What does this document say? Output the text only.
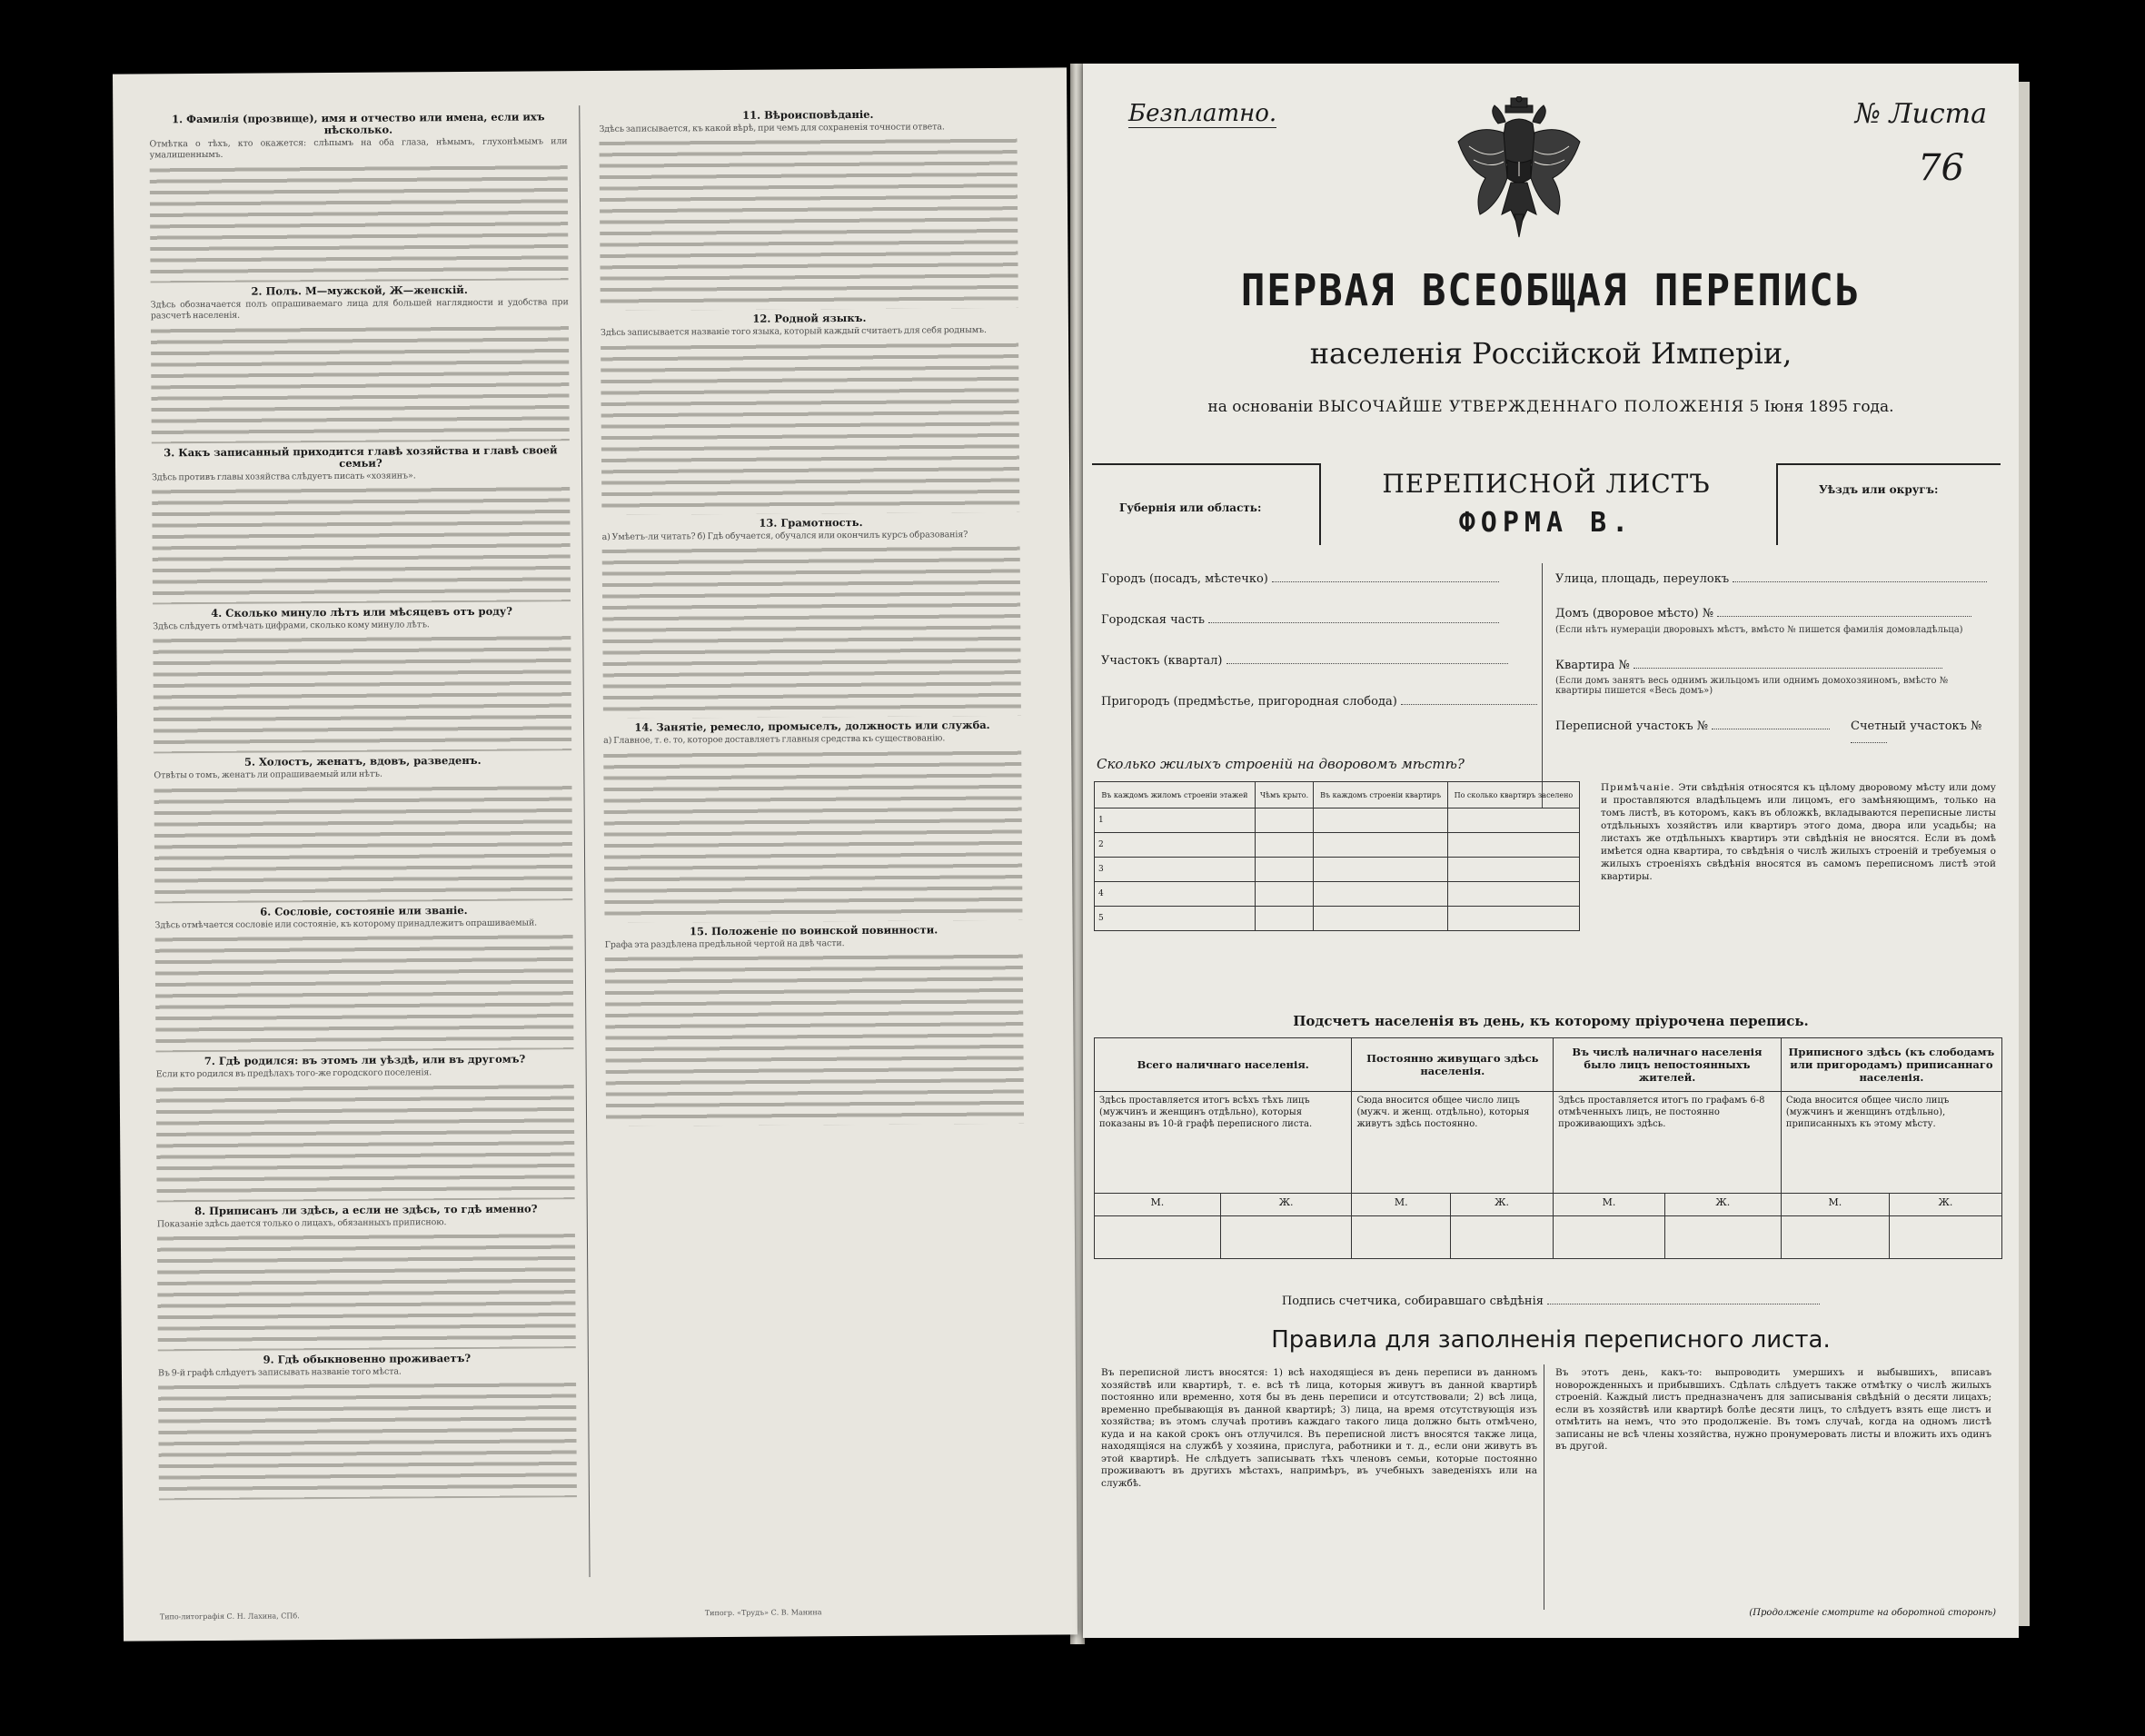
1. Фамилія (прозвище), имя и отчество или имена, если ихъ нѣсколько.
Отмѣтка о тѣхъ, кто окажется: слѣпымъ на оба глаза, нѣмымъ, глухонѣмымъ или умалишеннымъ.
2. Полъ. М—мужской, Ж—женскій.
Здѣсь обозначается полъ опрашиваемаго лица для большей наглядности и удобства при разсчетѣ населенія.
3. Какъ записанный приходится главѣ хозяйства и главѣ своей семьи?
Здѣсь противъ главы хозяйства слѣдуетъ писать «хозяинъ».
4. Сколько минуло лѣтъ или мѣсяцевъ отъ роду?
Здѣсь слѣдуетъ отмѣчать цифрами, сколько кому минуло лѣтъ.
5. Холостъ, женатъ, вдовъ, разведенъ.
Отвѣты о томъ, женатъ ли опрашиваемый или нѣтъ.
6. Сословіе, состояніе или званіе.
Здѣсь отмѣчается сословіе или состояніе, къ которому принадлежитъ опрашиваемый.
7. Гдѣ родился: въ этомъ ли уѣздѣ, или въ другомъ?
Если кто родился въ предѣлахъ того-же городского поселенія.
8. Приписанъ ли здѣсь, а если не здѣсь, то гдѣ именно?
Показаніе здѣсь дается только о лицахъ, обязанныхъ приписною.
9. Гдѣ обыкновенно проживаетъ?
Въ 9-й графѣ слѣдуетъ записывать названіе того мѣста.
11. Вѣроисповѣданіе.
Здѣсь записывается, къ какой вѣрѣ, при чемъ для сохраненія точности ответа.
12. Родной языкъ.
Здѣсь записывается названіе того языка, который каждый считаетъ для себя роднымъ.
13. Грамотность.
а) Умѣетъ-ли читать? б) Гдѣ обучается, обучался или окончилъ курсъ образованія?
14. Занятіе, ремесло, промыселъ, должность или служба.
а) Главное, т. е. то, которое доставляетъ главныя средства къ существованію.
15. Положеніе по воинской повинности.
Графа эта раздѣлена предѣльной чертой на двѣ части.
Типо-литографія С. Н. Лахина, СПб.	Типогр. «Трудъ» С. В. Манина
Безплатно.	№ Листа
76
ПЕРВАЯ ВСЕОБЩАЯ ПЕРЕПИСЬ
населенія Россійской Имперіи,
на основаніи ВЫСОЧАЙШЕ УТВЕРЖДЕННАГО ПОЛОЖЕНІЯ 5 Іюня 1895 года.
Губернія или область:
ПЕРЕПИСНОЙ ЛИСТЪ
ФОРМА В.
Уѣздъ или округъ:
Городъ (посадъ, мѣстечко)
Городская часть
Участокъ (квартал)
Пригородъ (предмѣстье, пригородная слобода)
Улица, площадь, переулокъ
Домъ (дворовое мѣсто) №
(Если нѣтъ нумераціи дворовыхъ мѣстъ, вмѣсто № пишется фамилія домовладѣльца)
Квартира №
(Если домъ занятъ весь однимъ жильцомъ или однимъ домохозяиномъ, вмѣсто № квартиры пишется «Весь домъ»)
Переписной участокъ №	Счетный участокъ №
Сколько жилыхъ строеній на дворовомъ мѣстѣ?
Въ каждомъ жиломъ строеніи этажей	Чѣмъ крыто.	Въ каждомъ строеніи квартиръ	По сколько квартиръ заселено
1			
2			
3			
4			
5			
Примѣчаніе. Эти свѣдѣнія относятся къ цѣлому дворовому мѣсту или дому и проставляются владѣльцемъ или лицомъ, его замѣняющимъ, только на томъ листѣ, въ которомъ, какъ въ обложкѣ, вкладываются переписные листы отдѣльныхъ хозяйствъ или квартиръ этого дома, двора или усадьбы; на листахъ же отдѣльныхъ квартиръ эти свѣдѣнія не вносятся. Если въ домѣ имѣется одна квартира, то свѣдѣнія о числѣ жилыхъ строеній и требуемыя о жилыхъ строеніяхъ свѣдѣнія вносятся въ самомъ переписномъ листѣ этой квартиры.
Подсчетъ населенія въ день, къ которому пріурочена перепись.
Всего наличнаго населенія.		Постоянно живущаго здѣсь населенія.		Въ числѣ наличнаго населенія было лицъ непостоянныхъ жителей.		Приписного здѣсь (къ слободамъ или пригородамъ) приписаннаго населенія.	
Здѣсь проставляется итогъ всѣхъ тѣхъ лицъ (мужчинъ и женщинъ отдѣльно), которыя показаны въ 10-й графѣ переписного листа.		Сюда вносится общее число лицъ (мужч. и женщ. отдѣльно), которыя живутъ здѣсь постоянно.		Здѣсь проставляется итогъ по графамъ 6-8 отмѣченныхъ лицъ, не постоянно проживающихъ здѣсь.		Сюда вносится общее число лицъ (мужчинъ и женщинъ отдѣльно), приписанныхъ къ этому мѣсту.	
М.	Ж.	М.	Ж.	М.	Ж.	М.	Ж.

Подпись счетчика, собиравшаго свѣдѣнія
Правила для заполненія переписного листа.
Въ переписной листъ вносятся: 1) всѣ находящіеся въ день переписи въ данномъ хозяйствѣ или квартирѣ, т. е. всѣ тѣ лица, которыя живутъ въ данной квартирѣ постоянно или временно, хотя бы въ день переписи и отсутствовали; 2) всѣ лица, временно пребывающія въ данной квартирѣ; 3) лица, на время отсутствующія изъ хозяйства; въ этомъ случаѣ противъ каждаго такого лица должно быть отмѣчено, куда и на какой срокъ онъ отлучился. Въ переписной листъ вносятся также лица, находящіяся на службѣ у хозяина, прислуга, работники и т. д., если они живутъ въ этой квартирѣ. Не слѣдуетъ записывать тѣхъ членовъ семьи, которые постоянно проживаютъ въ другихъ мѣстахъ, напримѣръ, въ учебныхъ заведеніяхъ или на службѣ.
Въ этотъ день, какъ-то: выпроводить умершихъ и выбывшихъ, вписавъ новорожденныхъ и прибывшихъ. Сдѣлать слѣдуетъ также отмѣтку о числѣ жилыхъ строеній. Каждый листъ предназначенъ для записыванія свѣдѣній о десяти лицахъ; если въ хозяйствѣ или квартирѣ болѣе десяти лицъ, то слѣдуетъ взять еще листъ и отмѣтить на немъ, что это продолженіе. Въ томъ случаѣ, когда на одномъ листѣ записаны не всѣ члены хозяйства, нужно пронумеровать листы и вложить ихъ одинъ въ другой.
(Продолженіе смотрите на оборотной сторонѣ)
